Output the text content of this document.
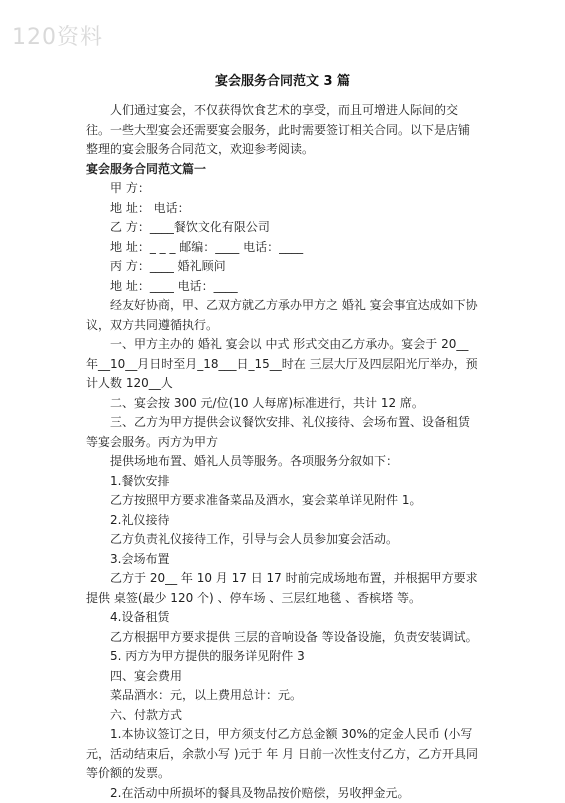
120资料
宴会服务合同范文 3 篇

人们通过宴会，不仅获得饮食艺术的享受，而且可增进人际间的交往。一些大型宴会还需要宴会服务，此时需要签订相关合同。以下是店铺整理的宴会服务合同范文，欢迎参考阅读。

宴会服务合同范文篇一

甲 方：

地 址： 电话：

乙 方：____餐饮文化有限公司

地 址：_ _ _ 邮编：____ 电话：____

丙 方：____ 婚礼顾问

地 址：____ 电话：____

经友好协商，甲、乙双方就乙方承办甲方之 婚礼 宴会事宜达成如下协议，双方共同遵循执行。

一、甲方主办的 婚礼 宴会以 中式 形式交由乙方承办。宴会于 20__ 年__10__月日时至月_18___日_15__时在 三层大厅及四层阳光厅举办，预计人数 120__人

二、宴会按 300 元/位(10 人每席)标准进行，共计 12 席。

三、乙方为甲方提供会议餐饮安排、礼仪接待、会场布置、设备租赁等宴会服务。丙方为甲方

提供场地布置、婚礼人员等服务。各项服务分叙如下：

1.餐饮安排

乙方按照甲方要求准备菜品及酒水，宴会菜单详见附件 1。

2.礼仪接待

乙方负责礼仪接待工作，引导与会人员参加宴会活动。

3.会场布置

乙方于 20__ 年 10 月 17 日 17 时前完成场地布置，并根据甲方要求提供 桌签(最少 120 个) 、停车场 、三层红地毯 、香槟塔 等。

4.设备租赁

乙方根据甲方要求提供 三层的音响设备 等设备设施，负责安装调试。

5. 丙方为甲方提供的服务详见附件 3

四、宴会费用

菜品酒水：元，以上费用总计：元。

六、付款方式

1.本协议签订之日，甲方须支付乙方总金额 30%的定金人民币 (小写元，活动结束后，余款小写 )元于 年 月 日前一次性支付乙方，乙方开具同等价额的发票。

2.在活动中所损坏的餐具及物品按价赔偿，另收押金元。
